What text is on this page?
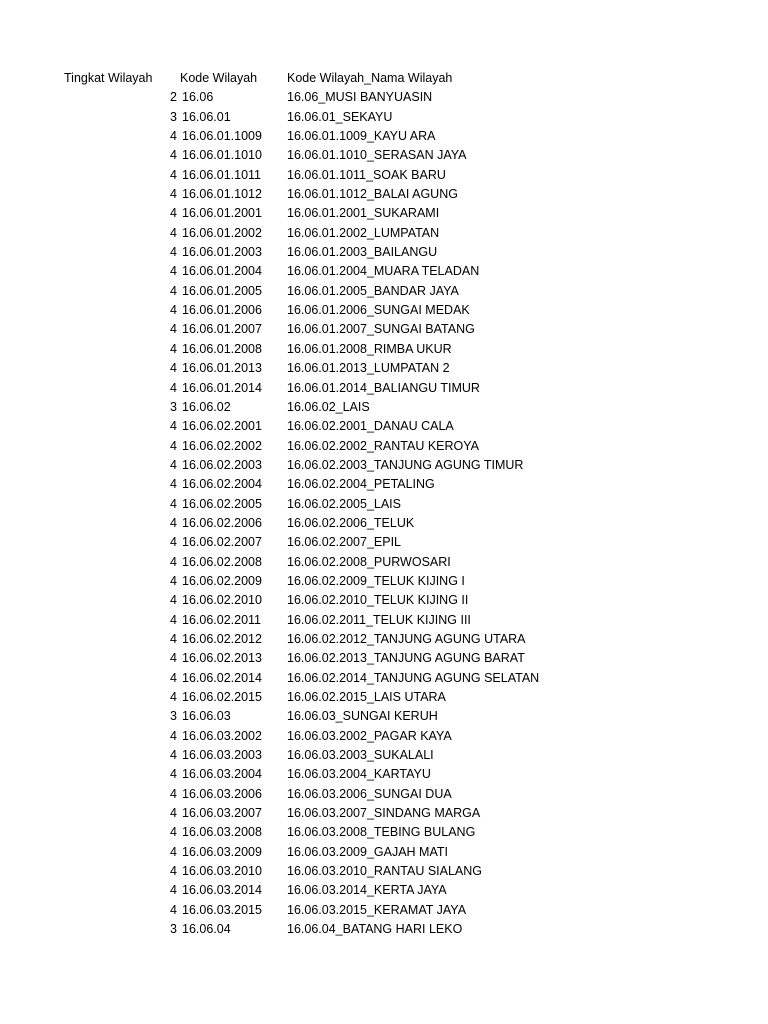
Tingkat Wilayah Kode Wilayah Kode Wilayah_Nama Wilayah
2 16.06	16.06_MUSI BANYUASIN
3 16.06.01	16.06.01_SEKAYU
4 16.06.01.1009 16.06.01.1009_KAYU ARA
4 16.06.01.1010 16.06.01.1010_SERASAN JAYA
4 16.06.01.1011 16.06.01.1011_SOAK BARU
4 16.06.01.1012 16.06.01.1012_BALAI AGUNG
4 16.06.01.2001 16.06.01.2001_SUKARAMI
4 16.06.01.2002 16.06.01.2002_LUMPATAN
4 16.06.01.2003 16.06.01.2003_BAILANGU
4 16.06.01.2004 16.06.01.2004_MUARA TELADAN
4 16.06.01.2005 16.06.01.2005_BANDAR JAYA
4 16.06.01.2006 16.06.01.2006_SUNGAI MEDAK
4 16.06.01.2007 16.06.01.2007_SUNGAI BATANG
4 16.06.01.2008 16.06.01.2008_RIMBA UKUR
4 16.06.01.2013 16.06.01.2013_LUMPATAN 2
4 16.06.01.2014 16.06.01.2014_BALIANGU TIMUR
3 16.06.02	16.06.02_LAIS
4 16.06.02.2001 16.06.02.2001_DANAU CALA
4 16.06.02.2002 16.06.02.2002_RANTAU KEROYA
4 16.06.02.2003 16.06.02.2003_TANJUNG AGUNG TIMUR
4 16.06.02.2004 16.06.02.2004_PETALING
4 16.06.02.2005 16.06.02.2005_LAIS
4 16.06.02.2006 16.06.02.2006_TELUK
4 16.06.02.2007 16.06.02.2007_EPIL
4 16.06.02.2008 16.06.02.2008_PURWOSARI
4 16.06.02.2009 16.06.02.2009_TELUK KIJING I
4 16.06.02.2010 16.06.02.2010_TELUK KIJING II
4 16.06.02.2011 16.06.02.2011_TELUK KIJING III
4 16.06.02.2012 16.06.02.2012_TANJUNG AGUNG UTARA
4 16.06.02.2013 16.06.02.2013_TANJUNG AGUNG BARAT
4 16.06.02.2014 16.06.02.2014_TANJUNG AGUNG SELATAN
4 16.06.02.2015 16.06.02.2015_LAIS UTARA
3 16.06.03	16.06.03_SUNGAI KERUH
4 16.06.03.2002 16.06.03.2002_PAGAR KAYA
4 16.06.03.2003 16.06.03.2003_SUKALALI
4 16.06.03.2004 16.06.03.2004_KARTAYU
4 16.06.03.2006 16.06.03.2006_SUNGAI DUA
4 16.06.03.2007 16.06.03.2007_SINDANG MARGA
4 16.06.03.2008 16.06.03.2008_TEBING BULANG
4 16.06.03.2009 16.06.03.2009_GAJAH MATI
4 16.06.03.2010 16.06.03.2010_RANTAU SIALANG
4 16.06.03.2014 16.06.03.2014_KERTA JAYA
4 16.06.03.2015 16.06.03.2015_KERAMAT JAYA
3 16.06.04	16.06.04_BATANG HARI LEKO
